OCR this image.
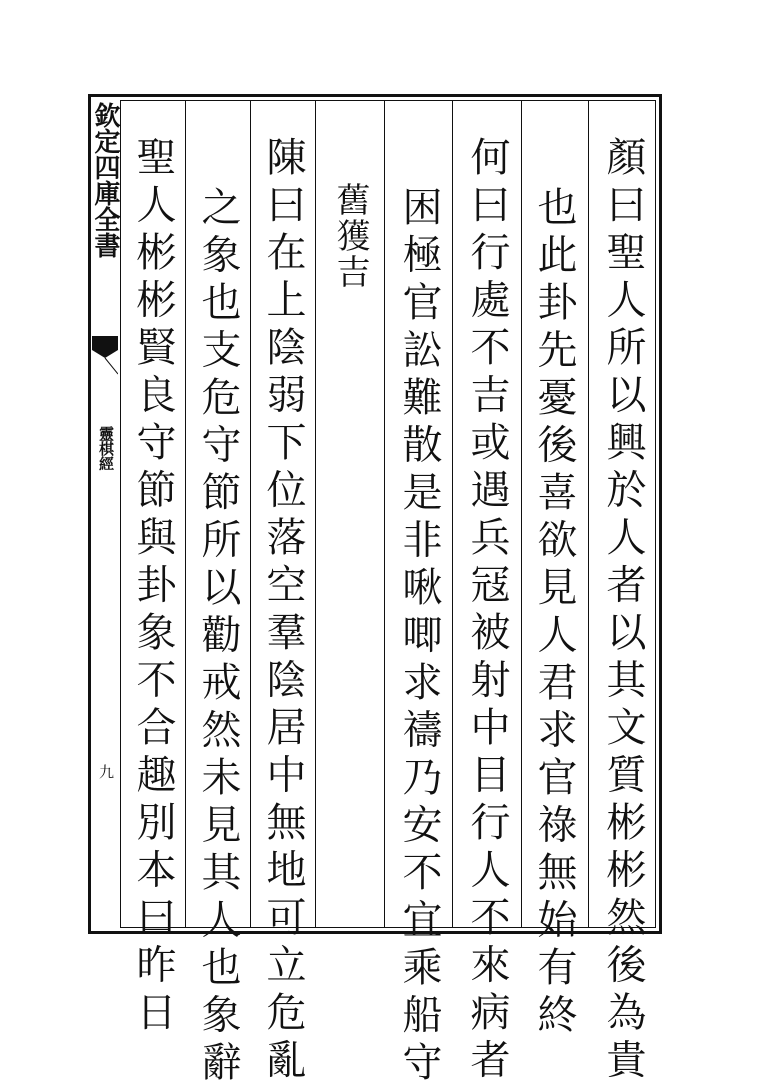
欽定四庫全書
靈棋經
九	顏曰聖人所以興於人者以其文質彬彬然後為貴
也此卦先憂後喜欲見人君求官祿無始有終
何曰行處不吉或遇兵冦被射中目行人不來病者
困極官訟難散是非啾唧求禱乃安不宜乘船守
舊獲吉
陳曰在上陰弱下位落空羣陰居中無地可立危亂
之象也支危守節所以勸戒然未見其人也象辭
聖人彬彬賢良守節與卦象不合趣別本曰昨日
